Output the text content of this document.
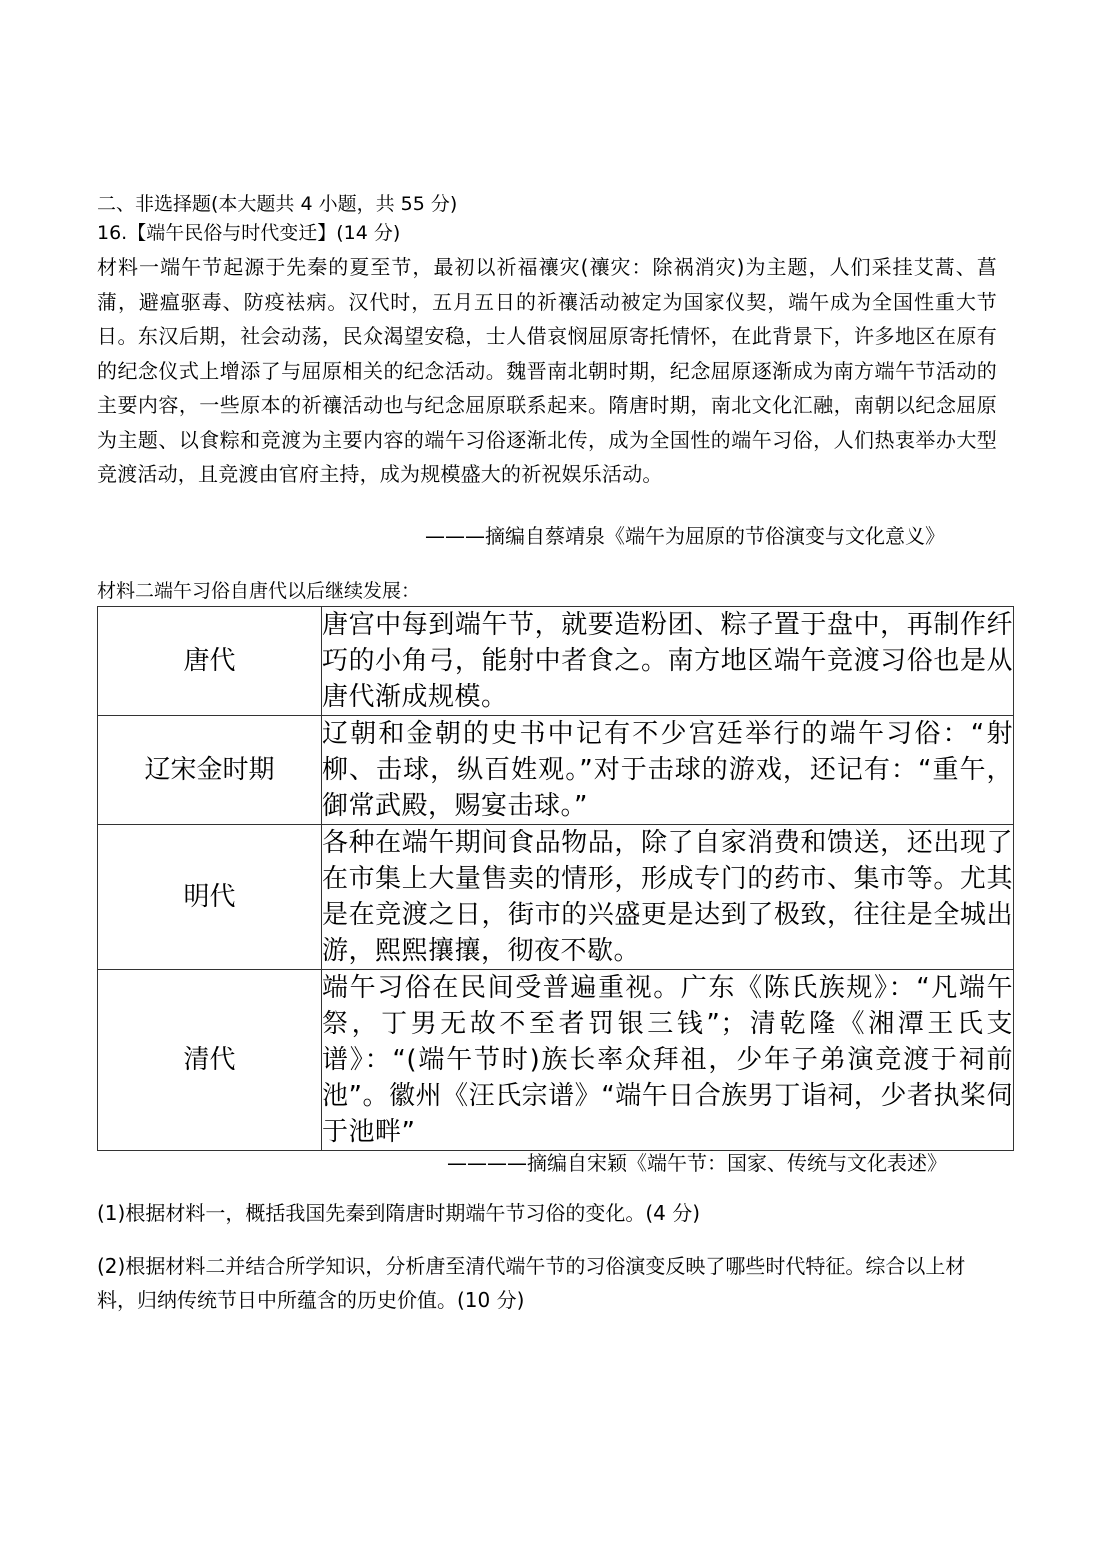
二、非选择题(本大题共 4 小题，共 55 分)
16.【端午民俗与时代变迁】(14 分)
材料一端午节起源于先秦的夏至节，最初以祈福禳灾(禳灾：除祸消灾)为主题，人们采挂艾蒿、菖蒲，避瘟驱毒、防疫袪病。汉代时，五月五日的祈禳活动被定为国家仪契，端午成为全国性重大节日。东汉后期，社会动荡，民众渴望安稳，士人借哀悯屈原寄托情怀，在此背景下，许多地区在原有的纪念仪式上增添了与屈原相关的纪念活动。魏晋南北朝时期，纪念屈原逐渐成为南方端午节活动的主要内容，一些原本的祈禳活动也与纪念屈原联系起来。隋唐时期，南北文化汇融，南朝以纪念屈原为主题、以食粽和竞渡为主要内容的端午习俗逐渐北传，成为全国性的端午习俗，人们热衷举办大型竞渡活动，且竞渡由官府主持，成为规模盛大的祈祝娱乐活动。
———摘编自蔡靖泉《端午为屈原的节俗演变与文化意义》
材料二端午习俗自唐代以后继续发展：
唐代	唐宫中每到端午节，就要造粉团、粽子置于盘中，再制作纤巧的小角弓，能射中者食之。南方地区端午竞渡习俗也是从唐代渐成规模。
辽宋金时期	辽朝和金朝的史书中记有不少宫廷举行的端午习俗：“射柳、击球，纵百姓观。”对于击球的游戏，还记有：“重午，御常武殿，赐宴击球。”
明代	各种在端午期间食品物品，除了自家消费和馈送，还出现了在市集上大量售卖的情形，形成专门的药市、集市等。尤其是在竞渡之日，街市的兴盛更是达到了极致，往往是全城出游，熙熙攘攘，彻夜不歇。
清代	端午习俗在民间受普遍重视。广东《陈氏族规》：“凡端午祭，丁男无故不至者罚银三钱”；清乾隆《湘潭王氏支谱》：“(端午节时)族长率众拜祖，少年子弟演竞渡于祠前池”。徽州《汪氏宗谱》“端午日合族男丁诣祠，少者执桨伺于池畔”
————摘编自宋颖《端午节：国家、传统与文化表述》
(1)根据材料一，概括我国先秦到隋唐时期端午节习俗的变化。(4 分)
(2)根据材料二并结合所学知识，分析唐至清代端午节的习俗演变反映了哪些时代特征。综合以上材料，归纳传统节日中所蕴含的历史价值。(10 分)
